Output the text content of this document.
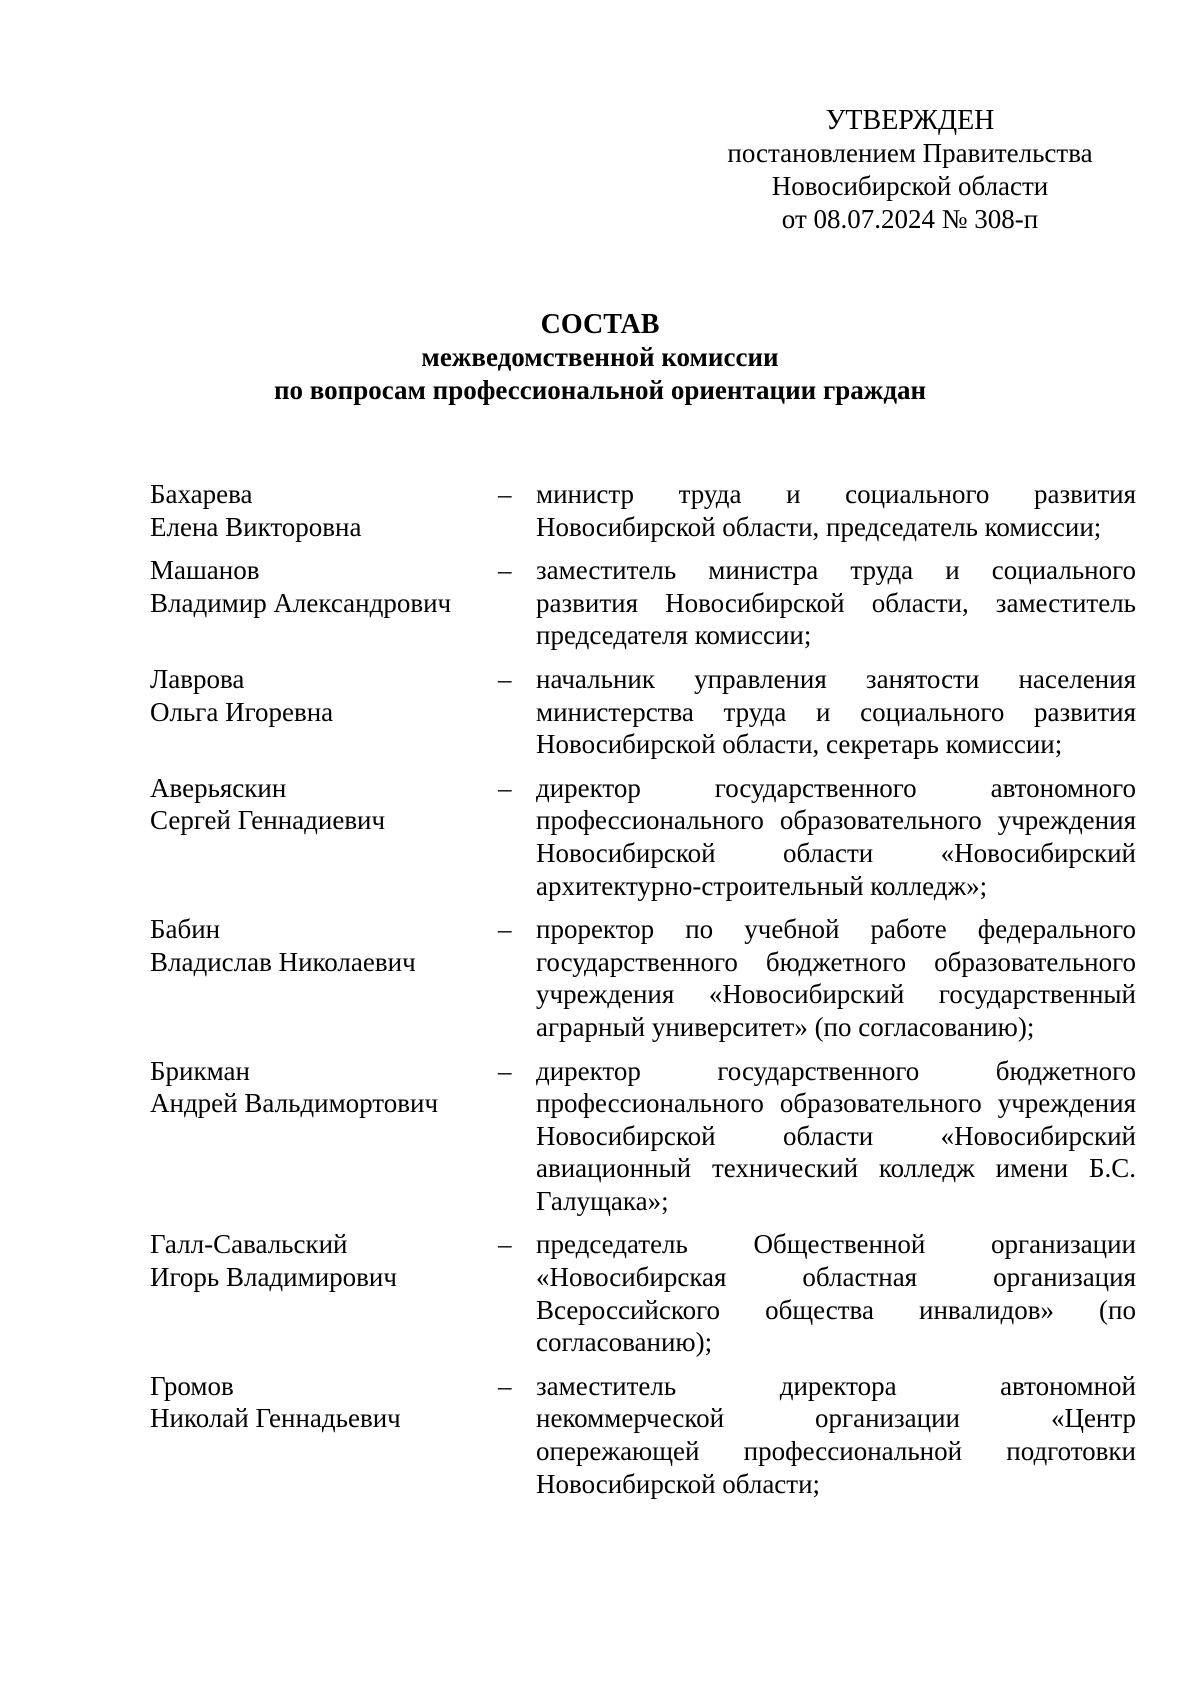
УТВЕРЖДЕН
постановлением Правительства
Новосибирской области
от 08.07.2024 № 308-п
СОСТАВ
межведомственной комиссии
по вопросам профессиональной ориентации граждан
Бахарева
Елена Викторовна
– министр труда и социального развития Новосибирской области, председатель комиссии;
Машанов
Владимир Александрович
– заместитель министра труда и социального развития Новосибирской области, заместитель председателя комиссии;
Лаврова
Ольга Игоревна
– начальник управления занятости населения министерства труда и социального развития Новосибирской области, секретарь комиссии;
Аверьяскин
Сергей Геннадиевич
– директор государственного автономного профессионального образовательного учреждения Новосибирской области «Новосибирский архитектурно-строительный колледж»;
Бабин
Владислав Николаевич
– проректор по учебной работе федерального государственного бюджетного образовательного учреждения «Новосибирский государственный аграрный университет» (по согласованию);
Брикман
Андрей Вальдимортович
– директор государственного бюджетного профессионального образовательного учреждения Новосибирской области «Новосибирский авиационный технический колледж имени Б.С. Галущака»;
Галл-Савальский
Игорь Владимирович
– председатель Общественной организации «Новосибирская областная организация Всероссийского общества инвалидов» (по согласованию);
Громов
Николай Геннадьевич
– заместитель директора автономной некоммерческой организации «Центр опережающей профессиональной подготовки Новосибирской области;
